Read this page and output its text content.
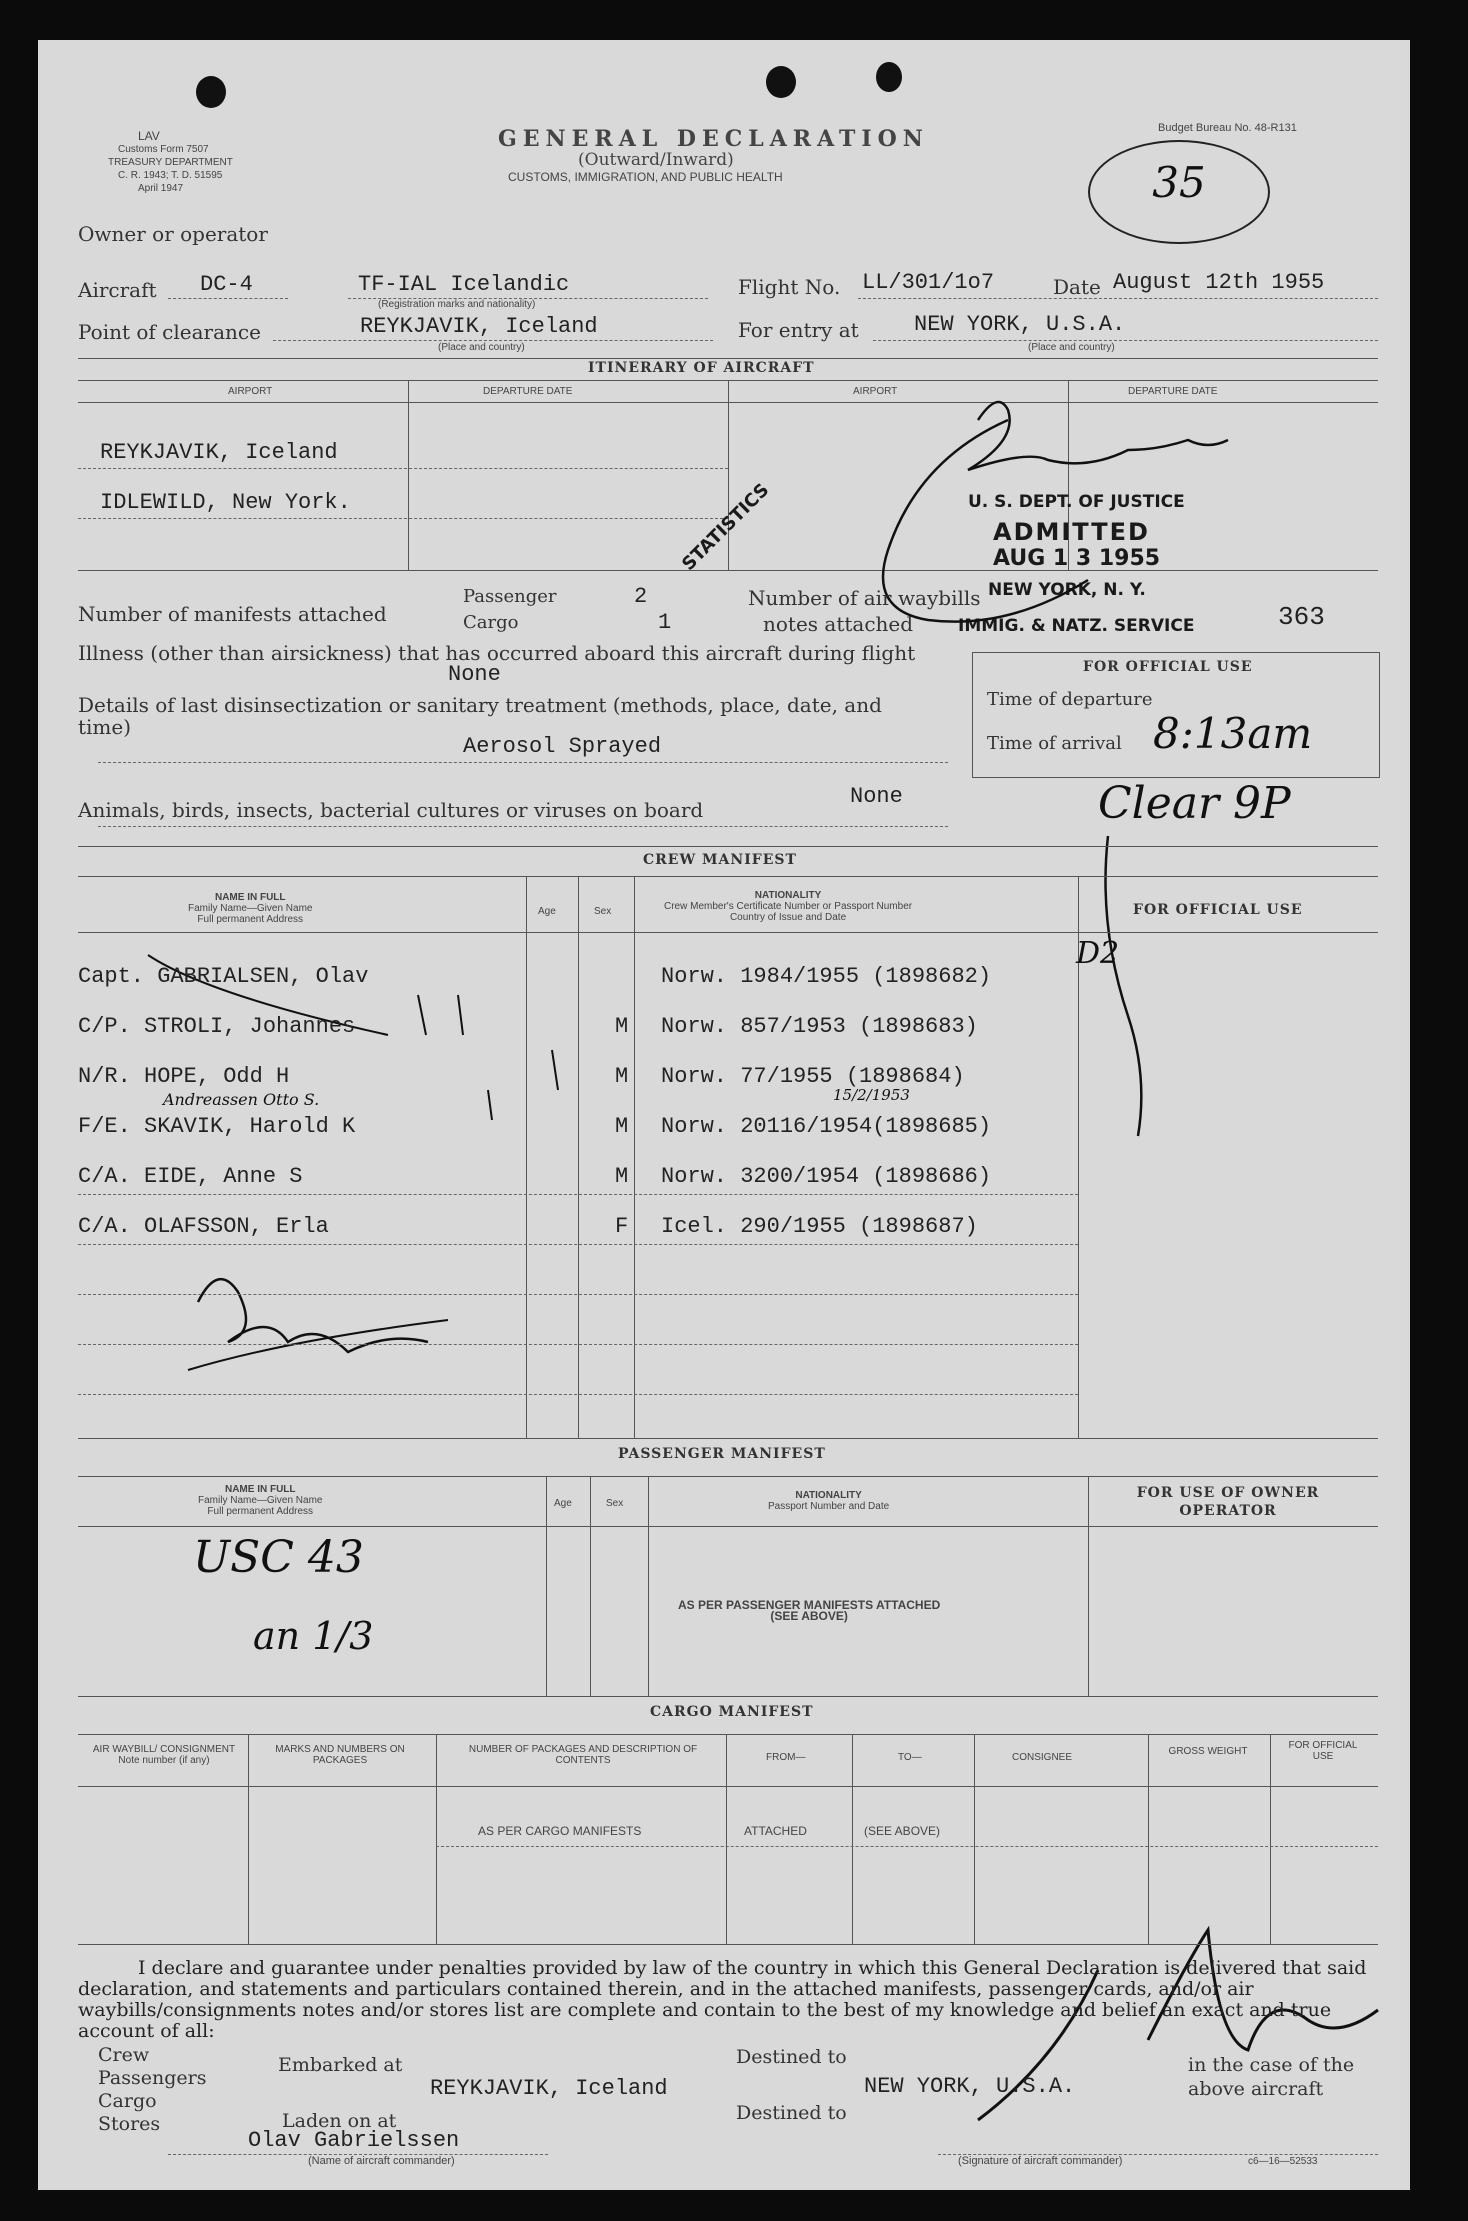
LAV
Customs Form 7507
TREASURY DEPARTMENT
C. R. 1943; T. D. 51595
April 1947
GENERAL DECLARATION
(Outward/Inward)
CUSTOMS, IMMIGRATION, AND PUBLIC HEALTH
Budget Bureau No. 48-R131
35
Owner or operator
Aircraft DC-4	TF-IAL Icelandic
(Registration marks and nationality)
Flight No. LL/301/1o7	Date August 12th 1955
Point of clearance	REYKJAVIK, Iceland
(Place and country)
For entry at	NEW YORK, U.S.A.
(Place and country)
ITINERARY OF AIRCRAFT
AIRPORT	DEPARTURE DATE	AIRPORT	DEPARTURE DATE
REYKJAVIK, Iceland
IDLEWILD, New York.	U. S. DEPT. OF JUSTICE
ADMITTED
AUG 1 3 1955
NEW YORK, N. Y.
IMMIG. & NATZ. SERVICE	363
STATISTICS
Number of manifests attached
Passenger	2
Cargo	1
Number of air waybills
notes attached
Illness (other than airsickness) that has occurred aboard this aircraft during flight
None
Details of last disinsectization or sanitary treatment (methods, place, date, and time)
Aerosol Sprayed
Animals, birds, insects, bacterial cultures or viruses on board
None
FOR OFFICIAL USE
Time of departure
Time of arrival 8:13am
Clear 9P
CREW MANIFEST
NAME IN FULL
Family Name—Given Name
Full permanent Address
Age	Sex
NATIONALITY
Crew Member's Certificate Number or Passport Number
Country of Issue and Date	FOR OFFICIAL USE
Capt. GABRIALSEN, Olav	Norw. 1984/1955 (1898682)
C/P. STROLI, Johannes	M Norw. 857/1953 (1898683)
N/R. HOPE, Odd H	M Norw. 77/1955 (1898684)
F/E. SKAVIK, Harold K	M Norw. 20116/1954(1898685)
C/A. EIDE, Anne S	M Norw. 3200/1954 (1898686)
C/A. OLAFSSON, Erla	F Icel. 290/1955 (1898687)
Andreassen Otto S.	15/2/1953
D2
PASSENGER MANIFEST
NAME IN FULL
Family Name—Given Name
Full permanent Address
Age	Sex
NATIONALITY
Passport Number and Date
FOR USE OF OWNER OPERATOR
USC 43
an 1/3
AS PER PASSENGER MANIFESTS ATTACHED
(SEE ABOVE)
CARGO MANIFEST
AIR WAYBILL/ CONSIGNMENT Note number (if any)
MARKS AND NUMBERS ON PACKAGES
NUMBER OF PACKAGES AND DESCRIPTION OF CONTENTS	FROM—	TO—	CONSIGNEE
GROSS WEIGHT
FOR OFFICIAL USE
AS PER CARGO MANIFESTS	ATTACHED	(SEE ABOVE)
I declare and guarantee under penalties provided by law of the country in which this General Declaration is delivered that said declaration, and statements and particulars contained therein, and in the attached manifests, passenger cards, and/or air waybills/consignments notes and/or stores list are complete and contain to the best of my knowledge and belief an exact and true account of all:
Crew
Passengers
Cargo
Stores
Embarked at
Laden on at
REYKJAVIK, Iceland
Destined to
Destined to
NEW YORK, U.S.A.
in the case of the
above aircraft
Olav Gabrielssen
(Name of aircraft commander)	(Signature of aircraft commander)	c6—16—52533
